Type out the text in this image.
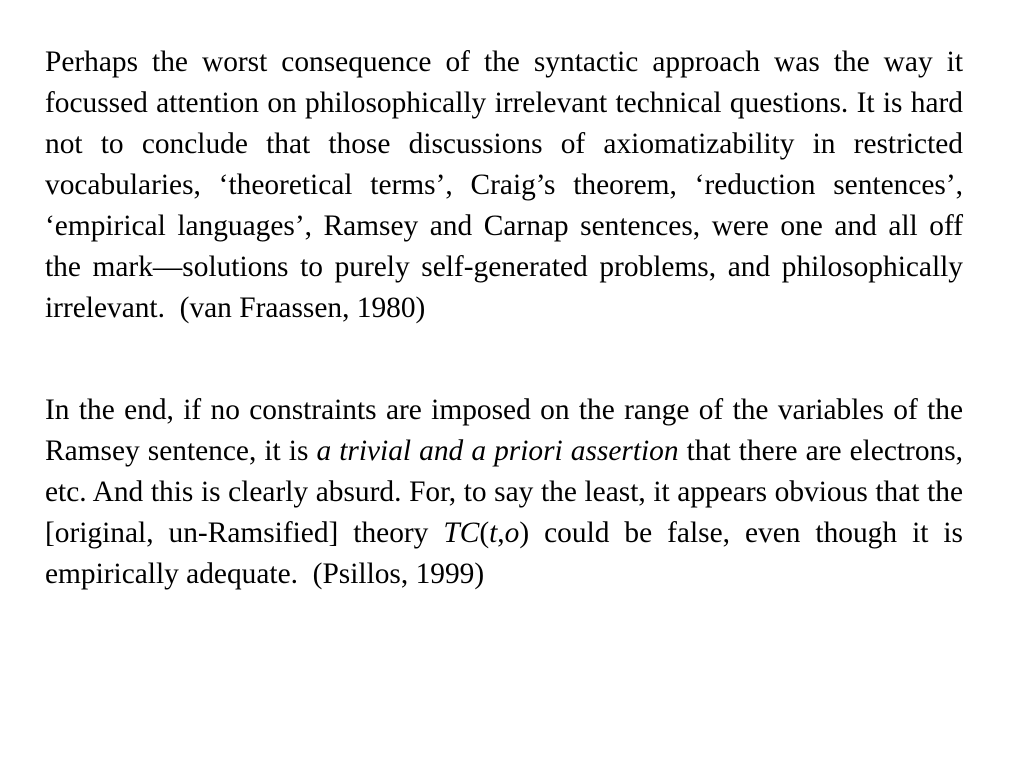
Perhaps the worst consequence of the syntactic approach was the way it focussed attention on philosophically irrelevant technical questions. It is hard not to conclude that those discussions of axiomatizability in restricted vocabularies, ‘theoretical terms’, Craig’s theorem, ‘reduction sentences’, ‘empirical languages’, Ramsey and Carnap sentences, were one and all off the mark—solutions to purely self-generated problems, and philosophically irrelevant. (van Fraassen, 1980)

In the end, if no constraints are imposed on the range of the variables of the Ramsey sentence, it is a trivial and a priori assertion that there are electrons, etc. And this is clearly absurd. For, to say the least, it appears obvious that the [original, un-Ramsified] theory TC(t,o) could be false, even though it is empirically adequate. (Psillos, 1999)
